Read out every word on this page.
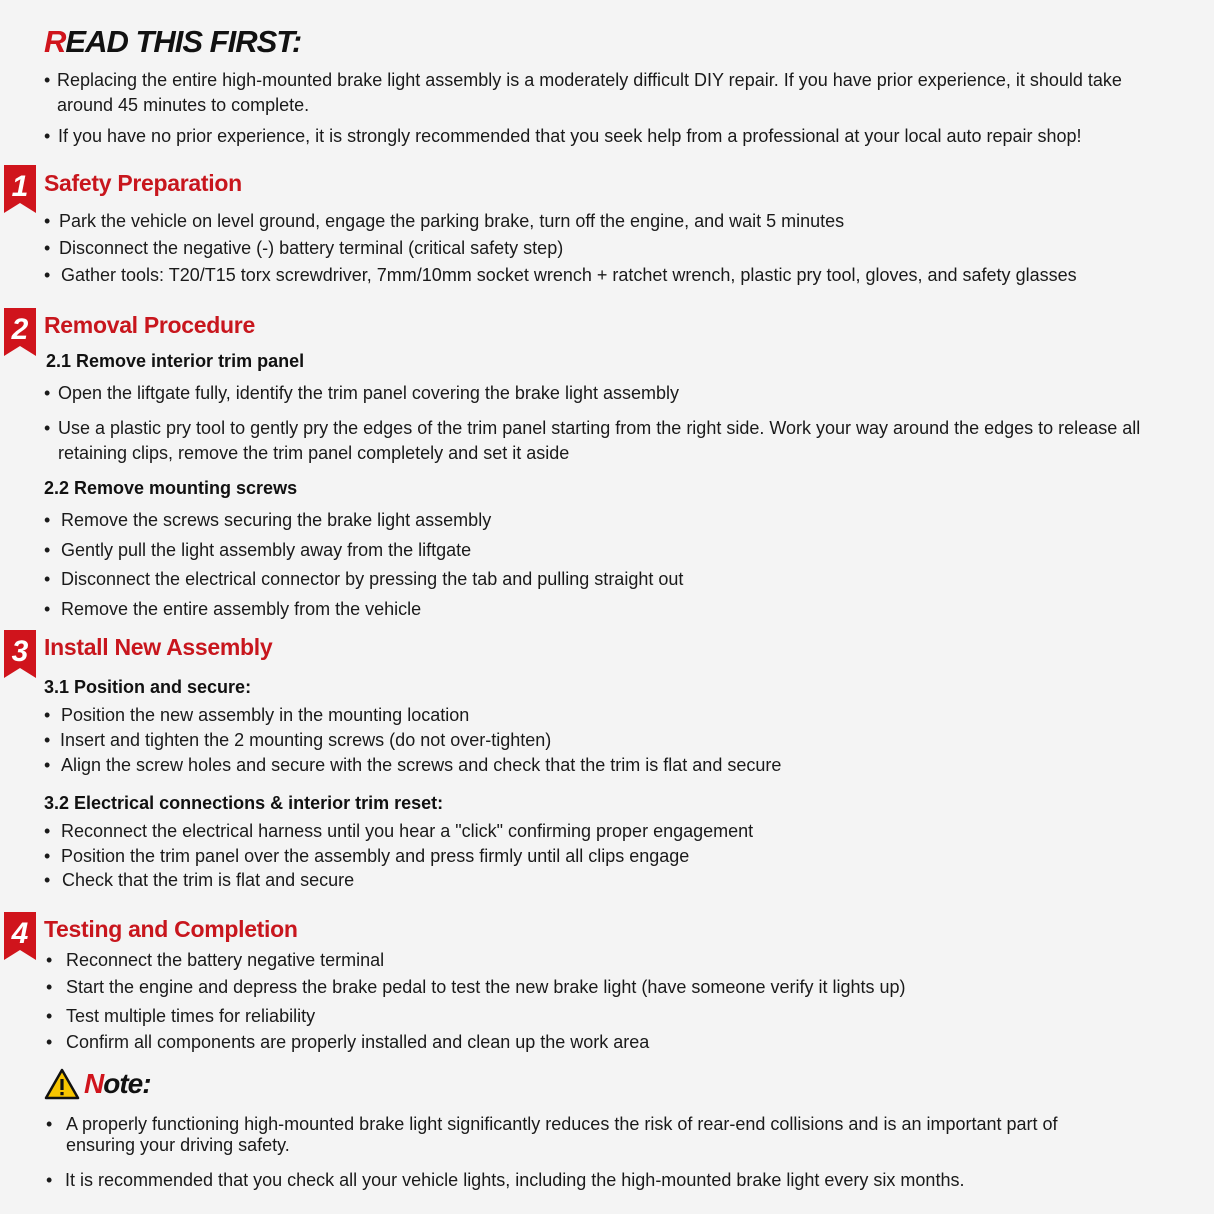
READ THIS FIRST:
• Replacing the entire high-mounted brake light assembly is a moderately difficult DIY repair. If you have prior experience, it should take around 45 minutes to complete.
• If you have no prior experience, it is strongly recommended that you seek help from a professional at your local auto repair shop!
1 Safety Preparation
• Park the vehicle on level ground, engage the parking brake, turn off the engine, and wait 5 minutes
• Disconnect the negative (-) battery terminal (critical safety step)
• Gather tools: T20/T15 torx screwdriver, 7mm/10mm socket wrench + ratchet wrench, plastic pry tool, gloves, and safety glasses
2 Removal Procedure
2.1 Remove interior trim panel
• Open the liftgate fully, identify the trim panel covering the brake light assembly
• Use a plastic pry tool to gently pry the edges of the trim panel starting from the right side. Work your way around the edges to release all retaining clips, remove the trim panel completely and set it aside
2.2 Remove mounting screws
• Remove the screws securing the brake light assembly
• Gently pull the light assembly away from the liftgate
• Disconnect the electrical connector by pressing the tab and pulling straight out
• Remove the entire assembly from the vehicle
3 Install New Assembly
3.1 Position and secure:
• Position the new assembly in the mounting location
• Insert and tighten the 2 mounting screws (do not over-tighten)
• Align the screw holes and secure with the screws and check that the trim is flat and secure
3.2 Electrical connections & interior trim reset:
• Reconnect the electrical harness until you hear a "click" confirming proper engagement
• Position the trim panel over the assembly and press firmly until all clips engage
• Check that the trim is flat and secure
4 Testing and Completion
• Reconnect the battery negative terminal
• Start the engine and depress the brake pedal to test the new brake light (have someone verify it lights up)
• Test multiple times for reliability
• Confirm all components are properly installed and clean up the work area
Note:
• A properly functioning high-mounted brake light significantly reduces the risk of rear-end collisions and is an important part of ensuring your driving safety.
• It is recommended that you check all your vehicle lights, including the high-mounted brake light every six months.
